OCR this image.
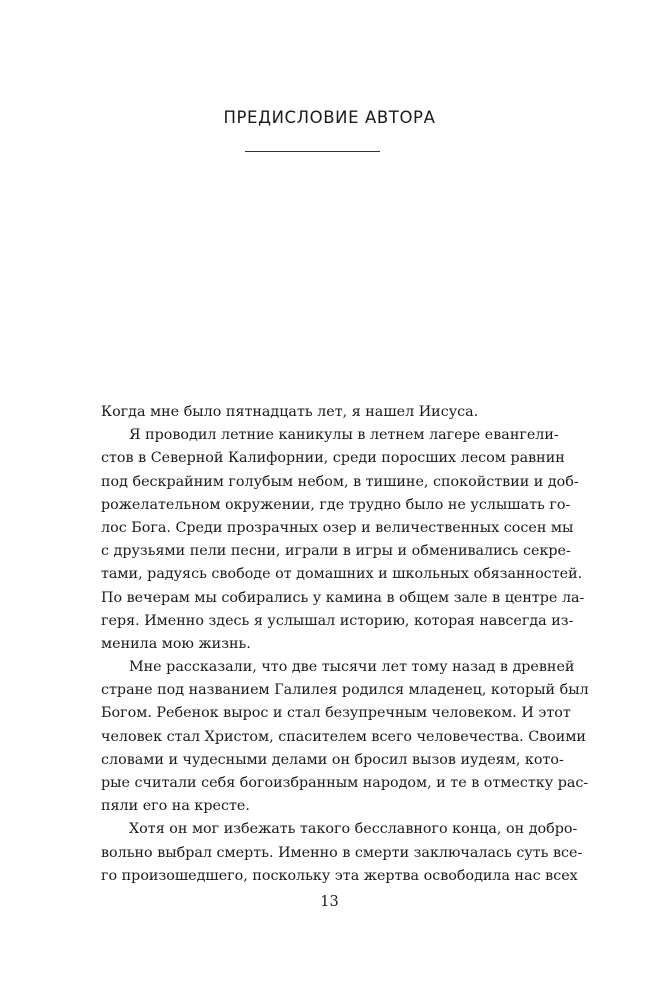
ПРЕДИСЛОВИЕ АВТОРА
Когда мне было пятнадцать лет, я нашел Иисуса.
Я проводил летние каникулы в летнем лагере евангели-
стов в Северной Калифорнии, среди поросших лесом равнин
под бескрайним голубым небом, в тишине, спокойствии и доб-
рожелательном окружении, где трудно было не услышать го-
лос Бога. Среди прозрачных озер и величественных сосен мы
с друзьями пели песни, играли в игры и обменивались секре-
тами, радуясь свободе от домашних и школьных обязанностей.
По вечерам мы собирались у камина в общем зале в центре ла-
геря. Именно здесь я услышал историю, которая навсегда из-
менила мою жизнь.
Мне рассказали, что две тысячи лет тому назад в древней
стране под названием Галилея родился младенец, который был
Богом. Ребенок вырос и стал безупречным человеком. И этот
человек стал Христом, спасителем всего человечества. Своими
словами и чудесными делами он бросил вызов иудеям, кото-
рые считали себя богоизбранным народом, и те в отместку рас-
пяли его на кресте.
Хотя он мог избежать такого бесславного конца, он добро-
вольно выбрал смерть. Именно в смерти заключалась суть все-
го произошедшего, поскольку эта жертва освободила нас всех
13
